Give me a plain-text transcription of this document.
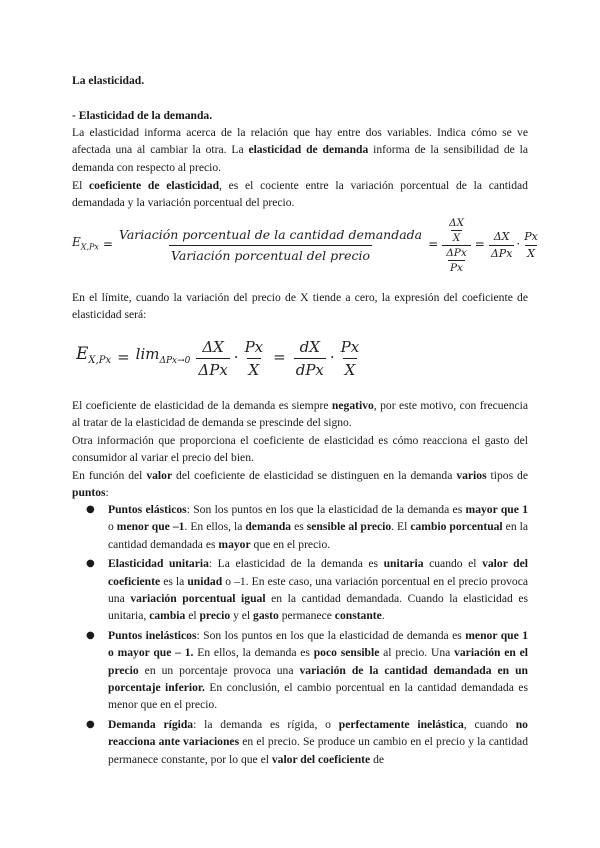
La elasticidad.
- Elasticidad de la demanda.
La elasticidad informa acerca de la relación que hay entre dos variables. Indica cómo se ve afectada una al cambiar la otra. La elasticidad de demanda informa de la sensibilidad de la demanda con respecto al precio.
El coeficiente de elasticidad, es el cociente entre la variación porcentual de la cantidad demandada y la variación porcentual del precio.
$E_{X,Px} = \frac{\text{Variación porcentual de la cantidad demandada}}{\text{Variación porcentual del precio}} = \frac{\frac{\Delta X}{X}}{\frac{\text{ΔPx}}{Px}} = \frac{\Delta X}{\text{ΔPx}} \cdot \frac{Px}{X}$
En el límite, cuando la variación del precio de X tiende a cero, la expresión del coeficiente de elasticidad será:
$E_{X,Px} = \lim_{\Delta Px\to 0} \frac{\Delta X}{\text{ΔPx}} \cdot \frac{Px}{X} = \frac{dX}{\text{dPx}} \cdot \frac{Px}{X}$
El coeficiente de elasticidad de la demanda es siempre negativo, por este motivo, con frecuencia al tratar de la elasticidad de demanda se prescinde del signo.
Otra información que proporciona el coeficiente de elasticidad es cómo reacciona el gasto del consumidor al variar el precio del bien.
En función del valor del coeficiente de elasticidad se distinguen en la demanda varios tipos de puntos:
● Puntos elásticos: Son los puntos en los que la elasticidad de la demanda es mayor que 1 o menor que –1. En ellos, la demanda es sensible al precio. El cambio porcentual en la cantidad demandada es mayor que en el precio.
● Elasticidad unitaria: La elasticidad de la demanda es unitaria cuando el valor del coeficiente es la unidad o –1. En este caso, una variación porcentual en el precio provoca una variación porcentual igual en la cantidad demandada. Cuando la elasticidad es unitaria, cambia el precio y el gasto permanece constante.
● Puntos inelásticos: Son los puntos en los que la elasticidad de demanda es menor que 1 o mayor que – 1. En ellos, la demanda es poco sensible al precio. Una variación en el precio en un porcentaje provoca una variación de la cantidad demandada en un porcentaje inferior. En conclusión, el cambio porcentual en la cantidad demandada es menor que en el precio.
● Demanda rígida: la demanda es rígida, o perfectamente inelástica, cuando no reacciona ante variaciones en el precio. Se produce un cambio en el precio y la cantidad permanece constante, por lo que el valor del coeficiente de
